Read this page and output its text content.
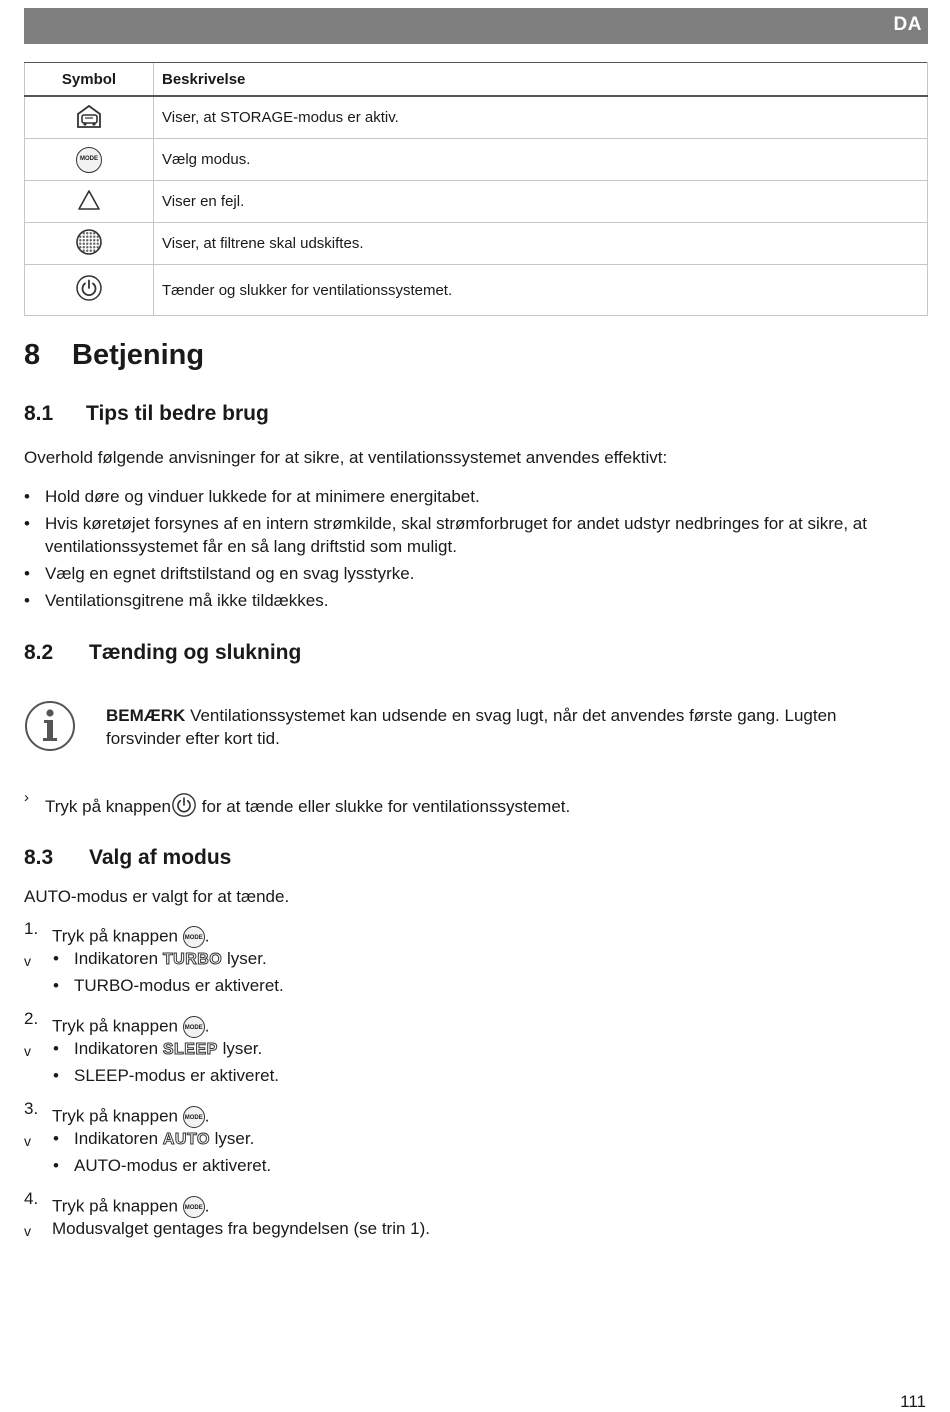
DA
Symbol	Beskrivelse
	Viser, at STORAGE-modus er aktiv.
MODE	Vælg modus.
	Viser en fejl.
	Viser, at filtrene skal udskiftes.
	Tænder og slukker for ventilationssystemet.
8 Betjening
8.1 Tips til bedre brug
Overhold følgende anvisninger for at sikre, at ventilationssystemet anvendes effektivt:
• Hold døre og vinduer lukkede for at minimere energitabet.
• Hvis køretøjet forsynes af en intern strømkilde, skal strømforbruget for andet udstyr nedbringes for at sikre, at ventilationssystemet får en så lang driftstid som muligt.
• Vælg en egnet driftstilstand og en svag lysstyrke.
• Ventilationsgitrene må ikke tildækkes.
8.2 Tænding og slukning
BEMÆRK Ventilationssystemet kan udsende en svag lugt, når det anvendes første gang. Lugten forsvinder efter kort tid.
› Tryk på knappen for at tænde eller slukke for ventilationssystemet.
8.3 Valg af modus
AUTO-modus er valgt for at tænde.
1. Tryk på knappen MODE .
v • Indikatoren TURBO lyser.
• TURBO-modus er aktiveret.
2. Tryk på knappen MODE .
v • Indikatoren SLEEP lyser.
• SLEEP-modus er aktiveret.
3. Tryk på knappen MODE .
v • Indikatoren AUTO lyser.
• AUTO-modus er aktiveret.
4. Tryk på knappen MODE .
v Modusvalget gentages fra begyndelsen (se trin 1).
111
